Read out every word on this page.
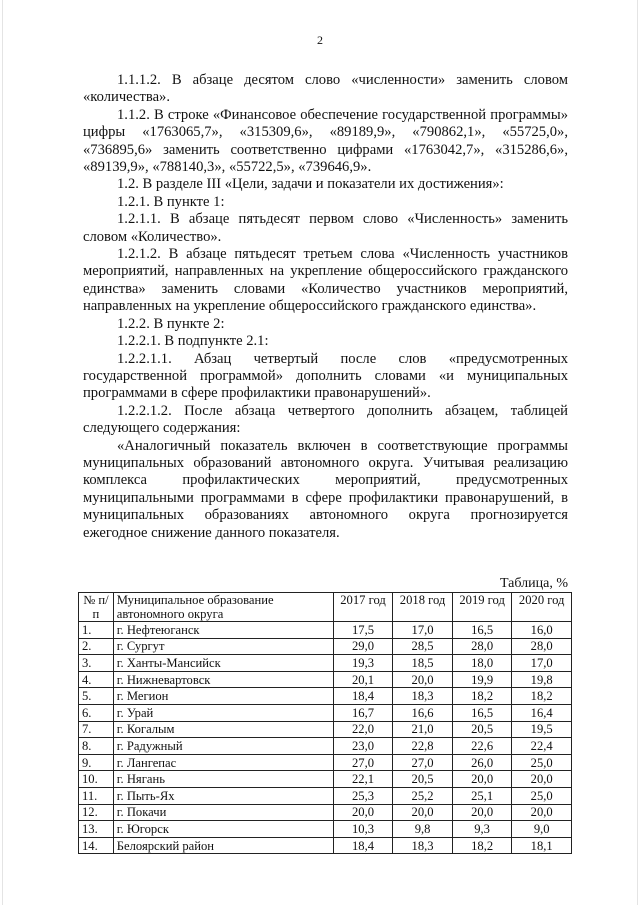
2

1.1.1.2. В абзаце десятом слово «численности» заменить словом «количества».

1.1.2. В строке «Финансовое обеспечение государственной программы» цифры «1763065,7», «315309,6», «89189,9», «790862,1», «55725,0», «736895,6» заменить соответственно цифрами «1763042,7», «315286,6», «89139,9», «788140,3», «55722,5», «739646,9».

1.2. В разделе III «Цели, задачи и показатели их достижения»:

1.2.1. В пункте 1:

1.2.1.1. В абзаце пятьдесят первом слово «Численность» заменить словом «Количество».

1.2.1.2. В абзаце пятьдесят третьем слова «Численность участников мероприятий, направленных на укрепление общероссийского гражданского единства» заменить словами «Количество участников мероприятий, направленных на укрепление общероссийского гражданского единства».

1.2.2. В пункте 2:

1.2.2.1. В подпункте 2.1:

1.2.2.1.1. Абзац четвертый после слов «предусмотренных государственной программой» дополнить словами «и муниципальных программами в сфере профилактики правонарушений».

1.2.2.1.2. После абзаца четвертого дополнить абзацем, таблицей следующего содержания:

«Аналогичный показатель включен в соответствующие программы муниципальных образований автономного округа. Учитывая реализацию комплекса профилактических мероприятий, предусмотренных муниципальными программами в сфере профилактики правонарушений, в муниципальных образованиях автономного округа прогнозируется ежегодное снижение данного показателя.

Таблица, %
№ п/п	Муниципальное образование автономного округа	2017 год	2018 год	2019 год	2020 год
1.	г. Нефтеюганск	17,5	17,0	16,5	16,0
2.	г. Сургут	29,0	28,5	28,0	28,0
3.	г. Ханты-Мансийск	19,3	18,5	18,0	17,0
4.	г. Нижневартовск	20,1	20,0	19,9	19,8
5.	г. Мегион	18,4	18,3	18,2	18,2
6.	г. Урай	16,7	16,6	16,5	16,4
7.	г. Когалым	22,0	21,0	20,5	19,5
8.	г. Радужный	23,0	22,8	22,6	22,4
9.	г. Лангепас	27,0	27,0	26,0	25,0
10.	г. Нягань	22,1	20,5	20,0	20,0
11.	г. Пыть-Ях	25,3	25,2	25,1	25,0
12.	г. Покачи	20,0	20,0	20,0	20,0
13.	г. Югорск	10,3	9,8	9,3	9,0
14.	Белоярский район	18,4	18,3	18,2	18,1
